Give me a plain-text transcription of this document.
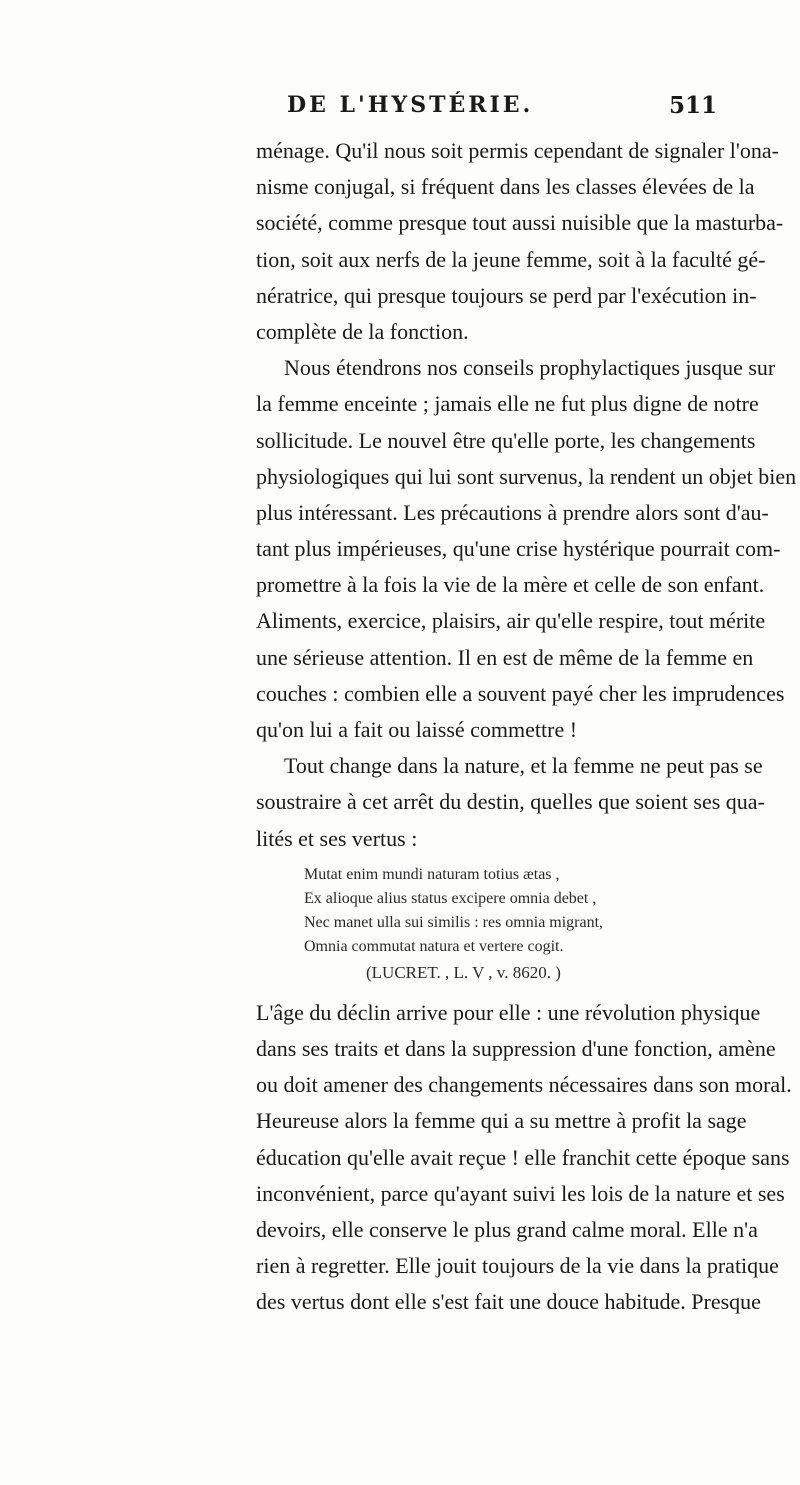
DE L'HYSTÉRIE.	511
ménage. Qu'il nous soit permis cependant de signaler l'ona-
nisme conjugal, si fréquent dans les classes élevées de la
société, comme presque tout aussi nuisible que la masturba-
tion, soit aux nerfs de la jeune femme, soit à la faculté gé-
nératrice, qui presque toujours se perd par l'exécution in-
complète de la fonction.
Nous étendrons nos conseils prophylactiques jusque sur
la femme enceinte ; jamais elle ne fut plus digne de notre
sollicitude. Le nouvel être qu'elle porte, les changements
physiologiques qui lui sont survenus, la rendent un objet bien
plus intéressant. Les précautions à prendre alors sont d'au-
tant plus impérieuses, qu'une crise hystérique pourrait com-
promettre à la fois la vie de la mère et celle de son enfant.
Aliments, exercice, plaisirs, air qu'elle respire, tout mérite
une sérieuse attention. Il en est de même de la femme en
couches : combien elle a souvent payé cher les imprudences
qu'on lui a fait ou laissé commettre !
Tout change dans la nature, et la femme ne peut pas se
soustraire à cet arrêt du destin, quelles que soient ses qua-
lités et ses vertus :
Mutat enim mundi naturam totius ætas ,
Ex alioque alius status excipere omnia debet ,
Nec manet ulla sui similis : res omnia migrant,
Omnia commutat natura et vertere cogit.
(LUCRET. , L. V , v. 8620. )
L'âge du déclin arrive pour elle : une révolution physique
dans ses traits et dans la suppression d'une fonction, amène
ou doit amener des changements nécessaires dans son moral.
Heureuse alors la femme qui a su mettre à profit la sage
éducation qu'elle avait reçue ! elle franchit cette époque sans
inconvénient, parce qu'ayant suivi les lois de la nature et ses
devoirs, elle conserve le plus grand calme moral. Elle n'a
rien à regretter. Elle jouit toujours de la vie dans la pratique
des vertus dont elle s'est fait une douce habitude. Presque
